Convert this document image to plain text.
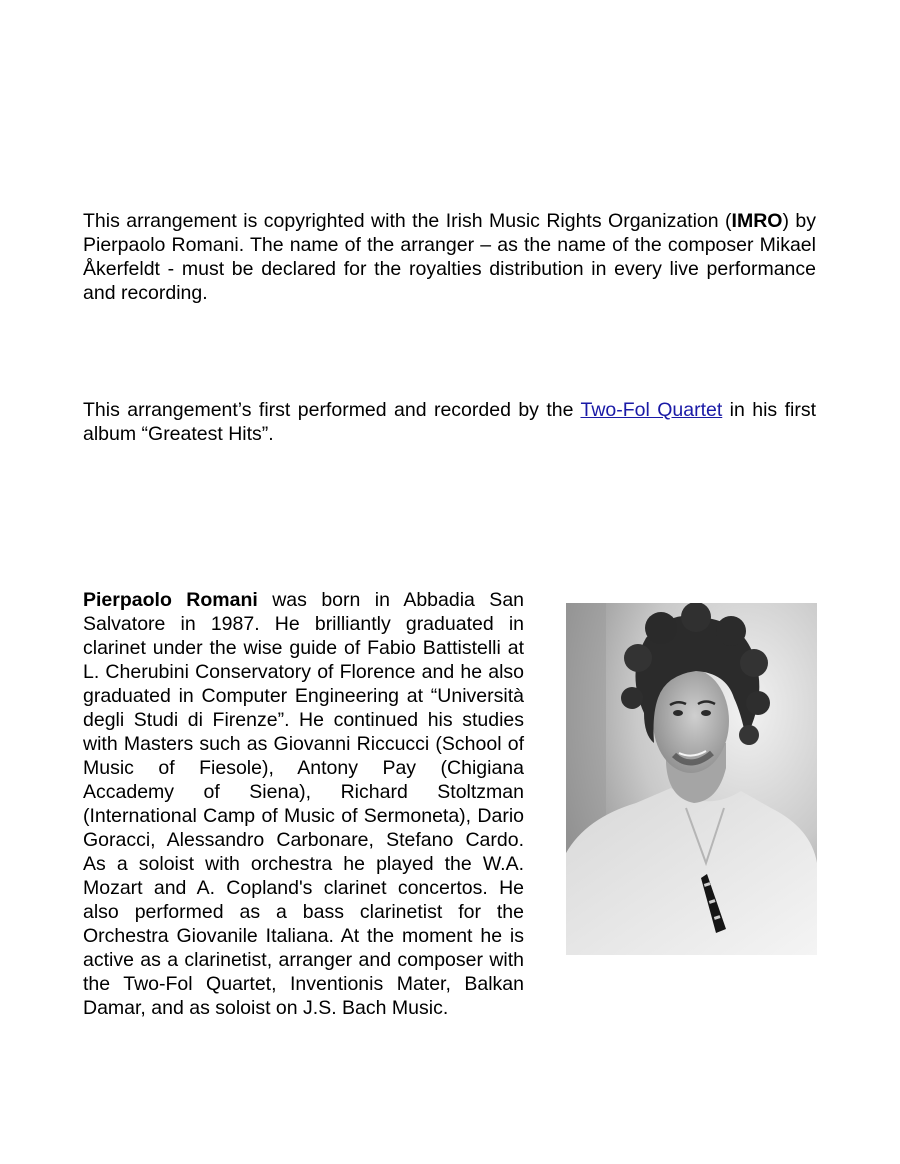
This arrangement is copyrighted with the Irish Music Rights Organization (IMRO) by Pierpaolo Romani. The name of the arranger – as the name of the composer Mikael Åkerfeldt - must be declared for the royalties distribution in every live performance and recording.

This arrangement’s first performed and recorded by the Two-Fol Quartet in his first album “Greatest Hits”.

Pierpaolo Romani was born in Abbadia San Salvatore in 1987. He brilliantly graduated in clarinet under the wise guide of Fabio Battistelli at L. Cherubini Conservatory of Florence and he also graduated in Computer Engineering at “Università degli Studi di Firenze”. He continued his studies with Masters such as Giovanni Riccucci (School of Music of Fiesole), Antony Pay (Chigiana Accademy of Siena), Richard Stoltzman (International Camp of Music of Sermoneta), Dario Goracci, Alessandro Carbonare, Stefano Cardo. As a soloist with orchestra he played the W.A. Mozart and A. Copland's clarinet concertos. He also performed as a bass clarinetist for the Orchestra Giovanile Italiana. At the moment he is active as a clarinetist, arranger and composer with the Two-Fol Quartet, Inventionis Mater, Balkan Damar, and as soloist on J.S. Bach Music.
